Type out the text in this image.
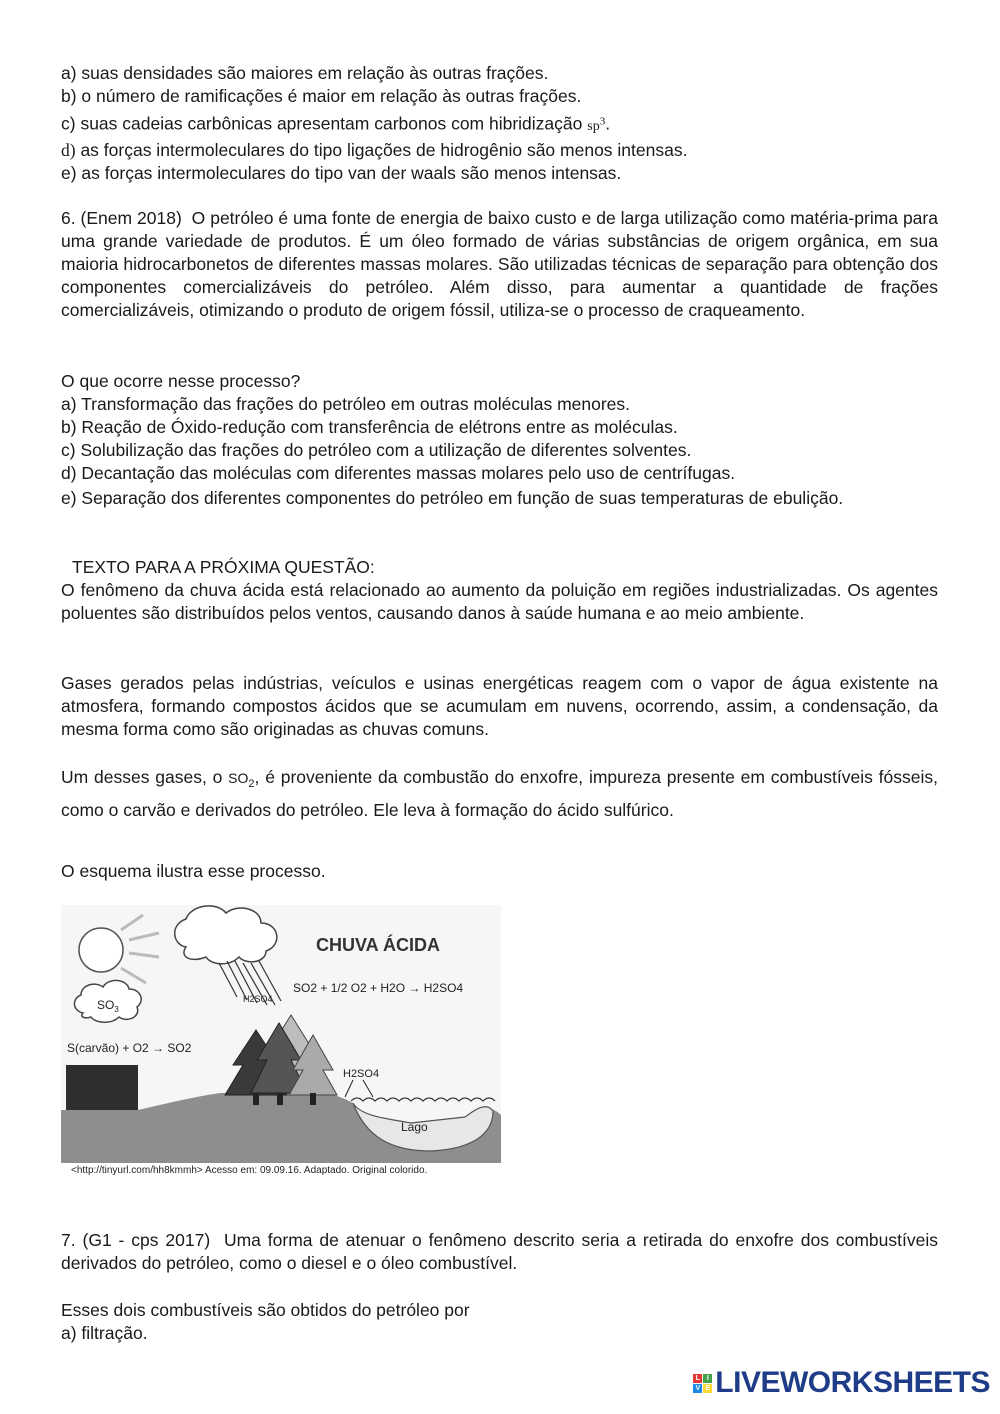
a) suas densidades são maiores em relação às outras frações.
b) o número de ramificações é maior em relação às outras frações.
c) suas cadeias carbônicas apresentam carbonos com hibridização $sp^3$.
d) as forças intermoleculares do tipo ligações de hidrogênio são menos intensas.
e) as forças intermoleculares do tipo van der waals são menos intensas.
6. (Enem 2018) O petróleo é uma fonte de energia de baixo custo e de larga utilização como matéria-prima para uma grande variedade de produtos. É um óleo formado de várias substâncias de origem orgânica, em sua maioria hidrocarbonetos de diferentes massas molares. São utilizadas técnicas de separação para obtenção dos componentes comercializáveis do petróleo. Além disso, para aumentar a quantidade de frações comercializáveis, otimizando o produto de origem fóssil, utiliza-se o processo de craqueamento.
O que ocorre nesse processo?
a) Transformação das frações do petróleo em outras moléculas menores.
b) Reação de Óxido-redução com transferência de elétrons entre as moléculas.
c) Solubilização das frações do petróleo com a utilização de diferentes solventes.
d) Decantação das moléculas com diferentes massas molares pelo uso de centrífugas.
e) Separação dos diferentes componentes do petróleo em função de suas temperaturas de ebulição.
TEXTO PARA A PRÓXIMA QUESTÃO:
O fenômeno da chuva ácida está relacionado ao aumento da poluição em regiões industrializadas. Os agentes poluentes são distribuídos pelos ventos, causando danos à saúde humana e ao meio ambiente.
Gases gerados pelas indústrias, veículos e usinas energéticas reagem com o vapor de água existente na atmosfera, formando compostos ácidos que se acumulam em nuvens, ocorrendo, assim, a condensação, da mesma forma como são originadas as chuvas comuns.
Um desses gases, o $SO_2$, é proveniente da combustão do enxofre, impureza presente em combustíveis fósseis, como o carvão e derivados do petróleo. Ele leva à formação do ácido sulfúrico.
O esquema ilustra esse processo.
$SO_3$
H2SO4
CHUVA ÁCIDA
SO2 + 1/2 O2 + H2O → H2SO4
S(carvão) + O2 → SO2
Lago
H2SO4
<http://tinyurl.com/hh8kmmh> Acesso em: 09.09.16. Adaptado. Original colorido.
7. (G1 - cps 2017) Uma forma de atenuar o fenômeno descrito seria a retirada do enxofre dos combustíveis derivados do petróleo, como o diesel e o óleo combustível.
Esses dois combustíveis são obtidos do petróleo por
a) filtração.
L I
V E LIVEWORKSHEETS
